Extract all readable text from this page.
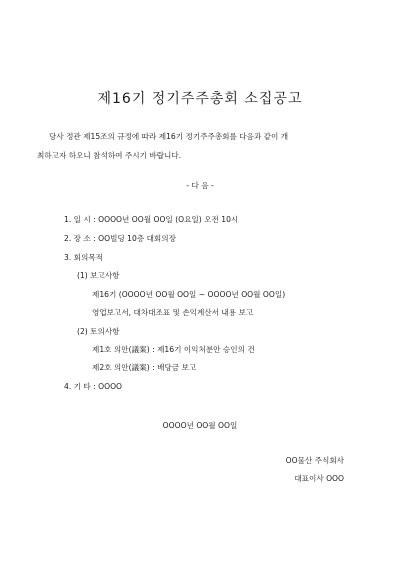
제16기 정기주주총회 소집공고
당사 정관 제15조의 규정에 따라 제16기 정기주주총회를 다음과 같이 개
최하고자 하오니 참석하여 주시기 바랍니다.
- 다 음 -
1. 일 시 : OOOO년 OO월 OO일 (O요일) 오전 10시
2. 장 소 : OO빌딩 10층 대회의장
3. 회의목적
(1) 보고사항
제16기 (OOOO년 OO월 OO일 ~ OOOO년 OO월 OO일)
영업보고서, 대차대조표 및 손익계산서 내용 보고
(2) 토의사항
제1호 의안(議案) : 제16기 이익처분안 승인의 건
제2호 의안(議案) : 배당금 보고
4. 기 타 : OOOO
OOOO년 OO월 OO일
OO물산 주식회사
대표이사 OOO
